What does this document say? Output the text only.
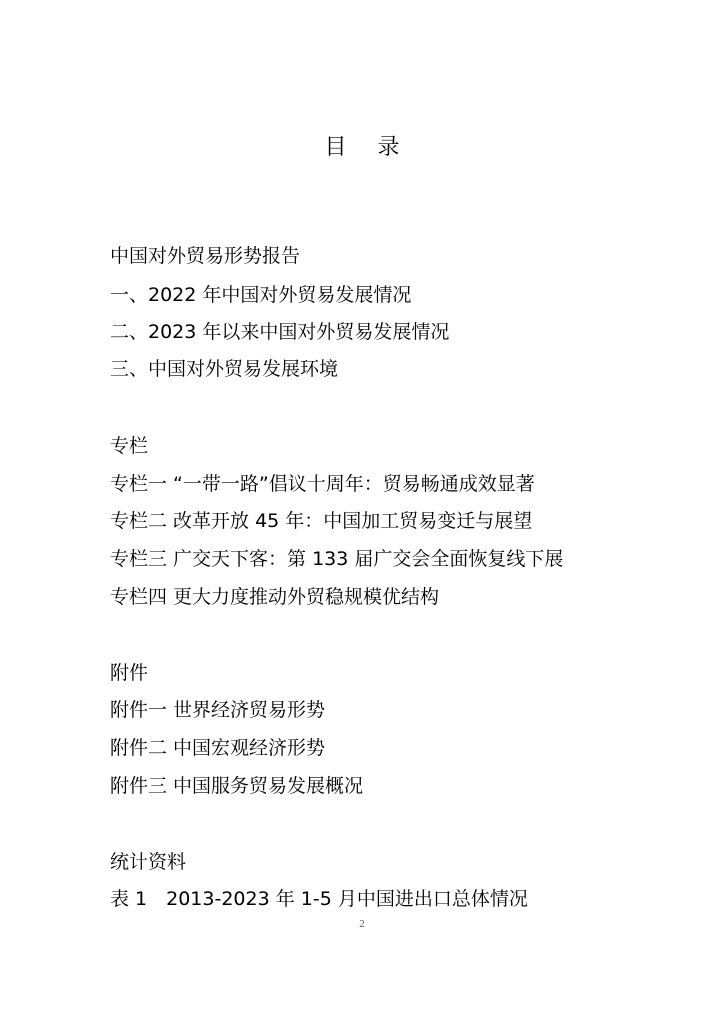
目 录
中国对外贸易形势报告
一、2022 年中国对外贸易发展情况
二、2023 年以来中国对外贸易发展情况
三、中国对外贸易发展环境
专栏
专栏一 “一带一路”倡议十周年：贸易畅通成效显著
专栏二 改革开放 45 年：中国加工贸易变迁与展望
专栏三 广交天下客：第 133 届广交会全面恢复线下展
专栏四 更大力度推动外贸稳规模优结构
附件
附件一 世界经济贸易形势
附件二 中国宏观经济形势
附件三 中国服务贸易发展概况
统计资料
表 1　2013-2023 年 1-5 月中国进出口总体情况
2
